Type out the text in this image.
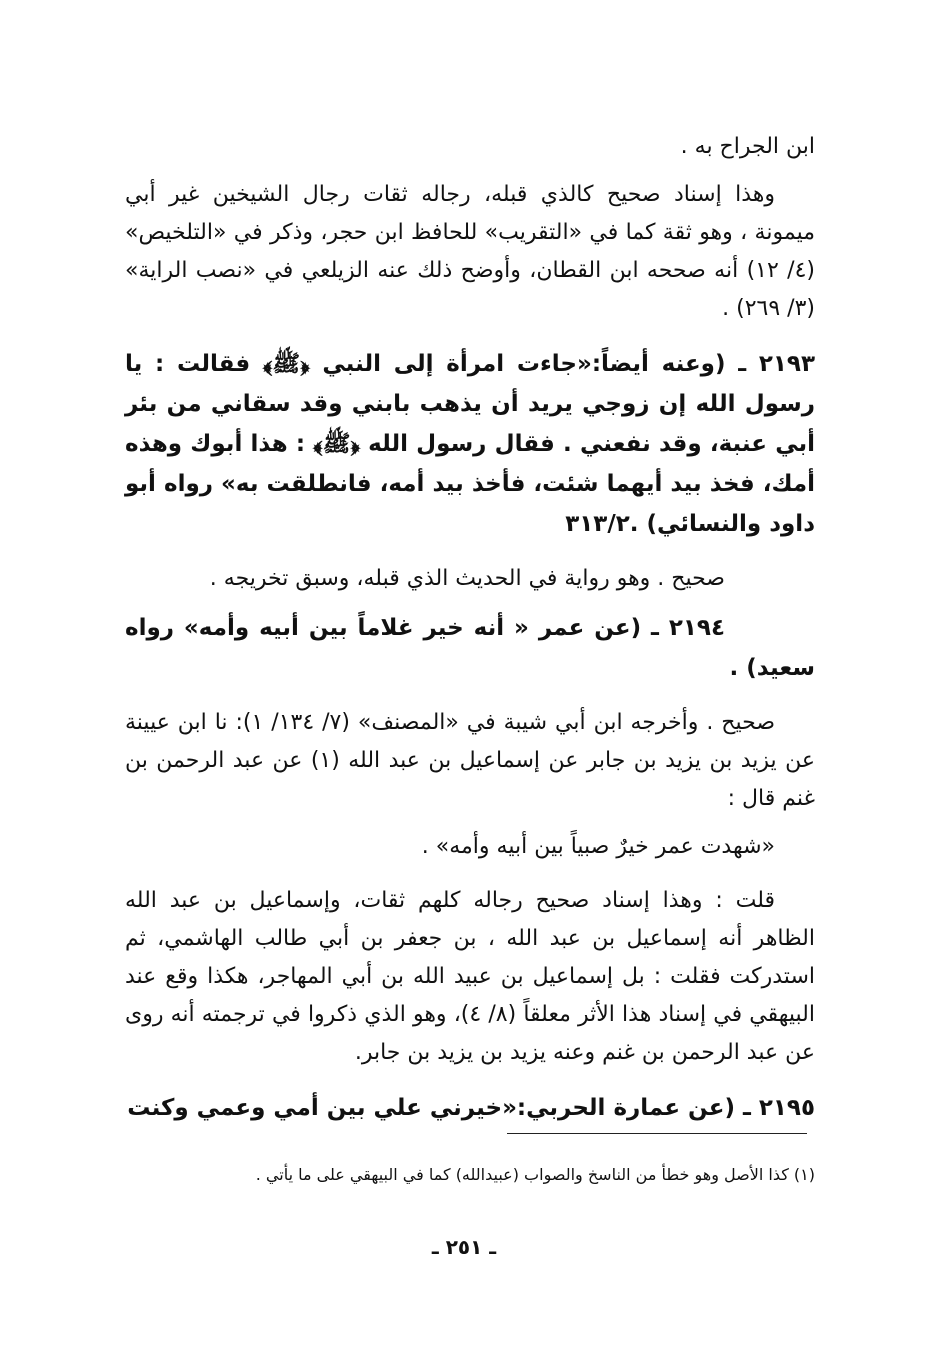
ابن الجراح به .

وهذا إسناد صحيح كالذي قبله، رجاله ثقات رجال الشيخين غير أبي ميمونة ، وهو ثقة كما في «التقريب» للحافظ ابن حجر، وذكر في «التلخيص» (٤/ ١٢) أنه صححه ابن القطان، وأوضح ذلك عنه الزيلعي في «نصب الراية» (٣/ ٢٦٩) .

٢١٩٣ ـ (وعنه أيضاً:«جاءت امرأة إلى النبي ﴿ﷺ﴾ فقالت : يا رسول الله إن زوجي يريد أن يذهب بابني وقد سقاني من بئر أبي عنبة، وقد نفعني . فقال رسول الله ﴿ﷺ﴾ : هذا أبوك وهذه أمك، فخذ بيد أيهما شئت، فأخذ بيد أمه، فانطلقت به» رواه أبو داود والنسائي) .٣١٣/٢

صحيح . وهو رواية في الحديث الذي قبله، وسبق تخريجه .

٢١٩٤ ـ (عن عمر « أنه خير غلاماً بين أبيه وأمه» رواه سعيد) .

صحيح . وأخرجه ابن أبي شيبة في «المصنف» (٧/ ١٣٤/ ١): نا ابن عيينة عن يزيد بن يزيد بن جابر عن إسماعيل بن عبد الله (١) عن عبد الرحمن بن غنم قال :

«شهدت عمر خيرٌ صبياً بين أبيه وأمه» .

قلت : وهذا إسناد صحيح رجاله كلهم ثقات، وإسماعيل بن عبد الله الظاهر أنه إسماعيل بن عبد الله ، بن جعفر بن أبي طالب الهاشمي، ثم استدركت فقلت : بل إسماعيل بن عبيد الله بن أبي المهاجر، هكذا وقع عند البيهقي في إسناد هذا الأثر معلقاً (٨/ ٤)، وهو الذي ذكروا في ترجمته أنه روى عن عبد الرحمن بن غنم وعنه يزيد بن يزيد بن جابر.

٢١٩٥ ـ (عن عمارة الحربي:«خيرني علي بين أمي وعمي وكنت

(١) كذا الأصل وهو خطأ من الناسخ والصواب (عبيدالله) كما في البيهقي على ما يأتي .

ـ ٢٥١ ـ
